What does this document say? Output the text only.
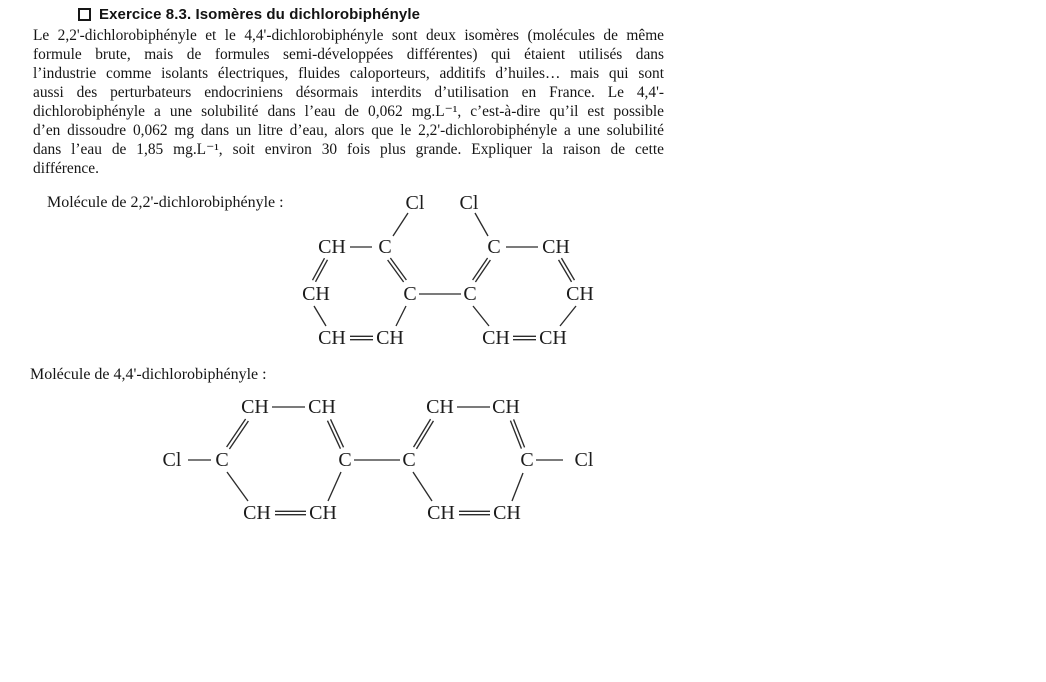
Exercice 8.3. Isomères du dichlorobiphényle
Le 2,2'-dichlorobiphényle et le 4,4'-dichlorobiphényle sont deux isomères (molécules de même
formule brute, mais de formules semi-développées différentes) qui étaient utilisés dans
l’industrie comme isolants électriques, fluides caloporteurs, additifs d’huiles… mais qui sont
aussi des perturbateurs endocriniens désormais interdits d’utilisation en France. Le 4,4'-
dichlorobiphényle a une solubilité dans l’eau de 0,062 mg.L⁻¹, c’est-à-dire qu’il est possible
d’en dissoudre 0,062 mg dans un litre d’eau, alors que le 2,2'-dichlorobiphényle a une solubilité
dans l’eau de 1,85 mg.L⁻¹, soit environ 30 fois plus grande. Expliquer la raison de cette
différence.
Molécule de 2,2'-dichlorobiphényle :
Molécule de 4,4'-dichlorobiphényle :
Cl Cl
CH C	C CH
CH	C C	CH
CH CH	CH CH
Cl C
CH CH
C	C
CH CH
C Cl
CH CH	CH CH
